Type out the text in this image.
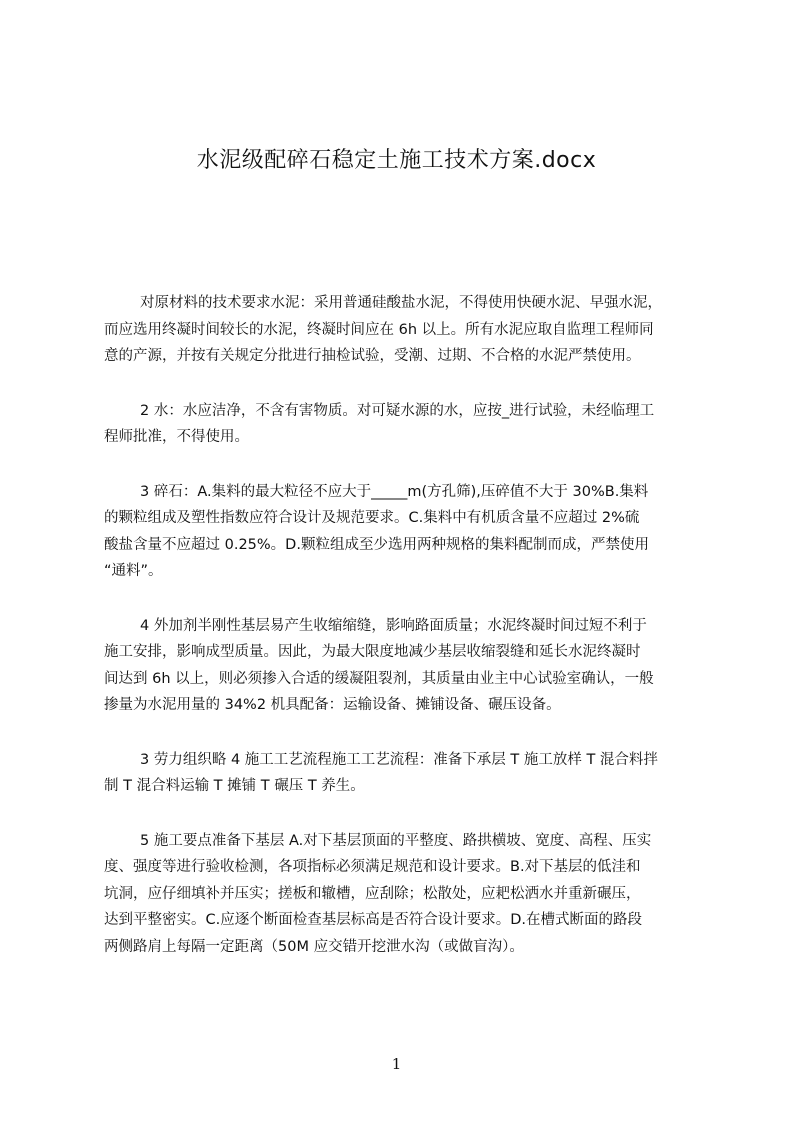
水泥级配碎石稳定土施工技术方案.docx

对原材料的技术要求水泥：采用普通硅酸盐水泥，不得使用快硬水泥、早强水泥，
而应选用终凝时间较长的水泥，终凝时间应在 6h 以上。所有水泥应取自监理工程师同
意的产源，并按有关规定分批进行抽检试验，受潮、过期、不合格的水泥严禁使用。

2 水：水应洁净，不含有害物质。对可疑水源的水，应按_进行试验，未经临理工
程师批准，不得使用。

3 碎石：A.集料的最大粒径不应大于_____m(方孔筛),压碎值不大于 30%B.集料
的颗粒组成及塑性指数应符合设计及规范要求。C.集料中有机质含量不应超过 2%硫
酸盐含量不应超过 0.25%。D.颗粒组成至少选用两种规格的集料配制而成，严禁使用
“通料”。

4 外加剂半刚性基层易产生收缩缩缝，影响路面质量；水泥终凝时间过短不利于
施工安排，影响成型质量。因此，为最大限度地减少基层收缩裂缝和延长水泥终凝时
间达到 6h 以上，则必须掺入合适的缓凝阻裂剂，其质量由业主中心试验室确认，一般
掺量为水泥用量的 34%2 机具配备：运输设备、摊铺设备、碾压设备。

3 劳力组织略 4 施工工艺流程施工工艺流程：准备下承层 T 施工放样 T 混合料拌
制 T 混合料运输 T 摊铺 T 碾压 T 养生。

5 施工要点准备下基层 A.对下基层顶面的平整度、路拱横坡、宽度、高程、压实
度、强度等进行验收检测，各项指标必须满足规范和设计要求。B.对下基层的低洼和
坑洞，应仔细填补并压实；搓板和辙槽，应刮除；松散处，应耙松洒水并重新碾压，
达到平整密实。C.应逐个断面检查基层标高是否符合设计要求。D.在槽式断面的路段
两侧路肩上每隔一定距离（50M 应交错开挖泄水沟（或做盲沟）。

1
